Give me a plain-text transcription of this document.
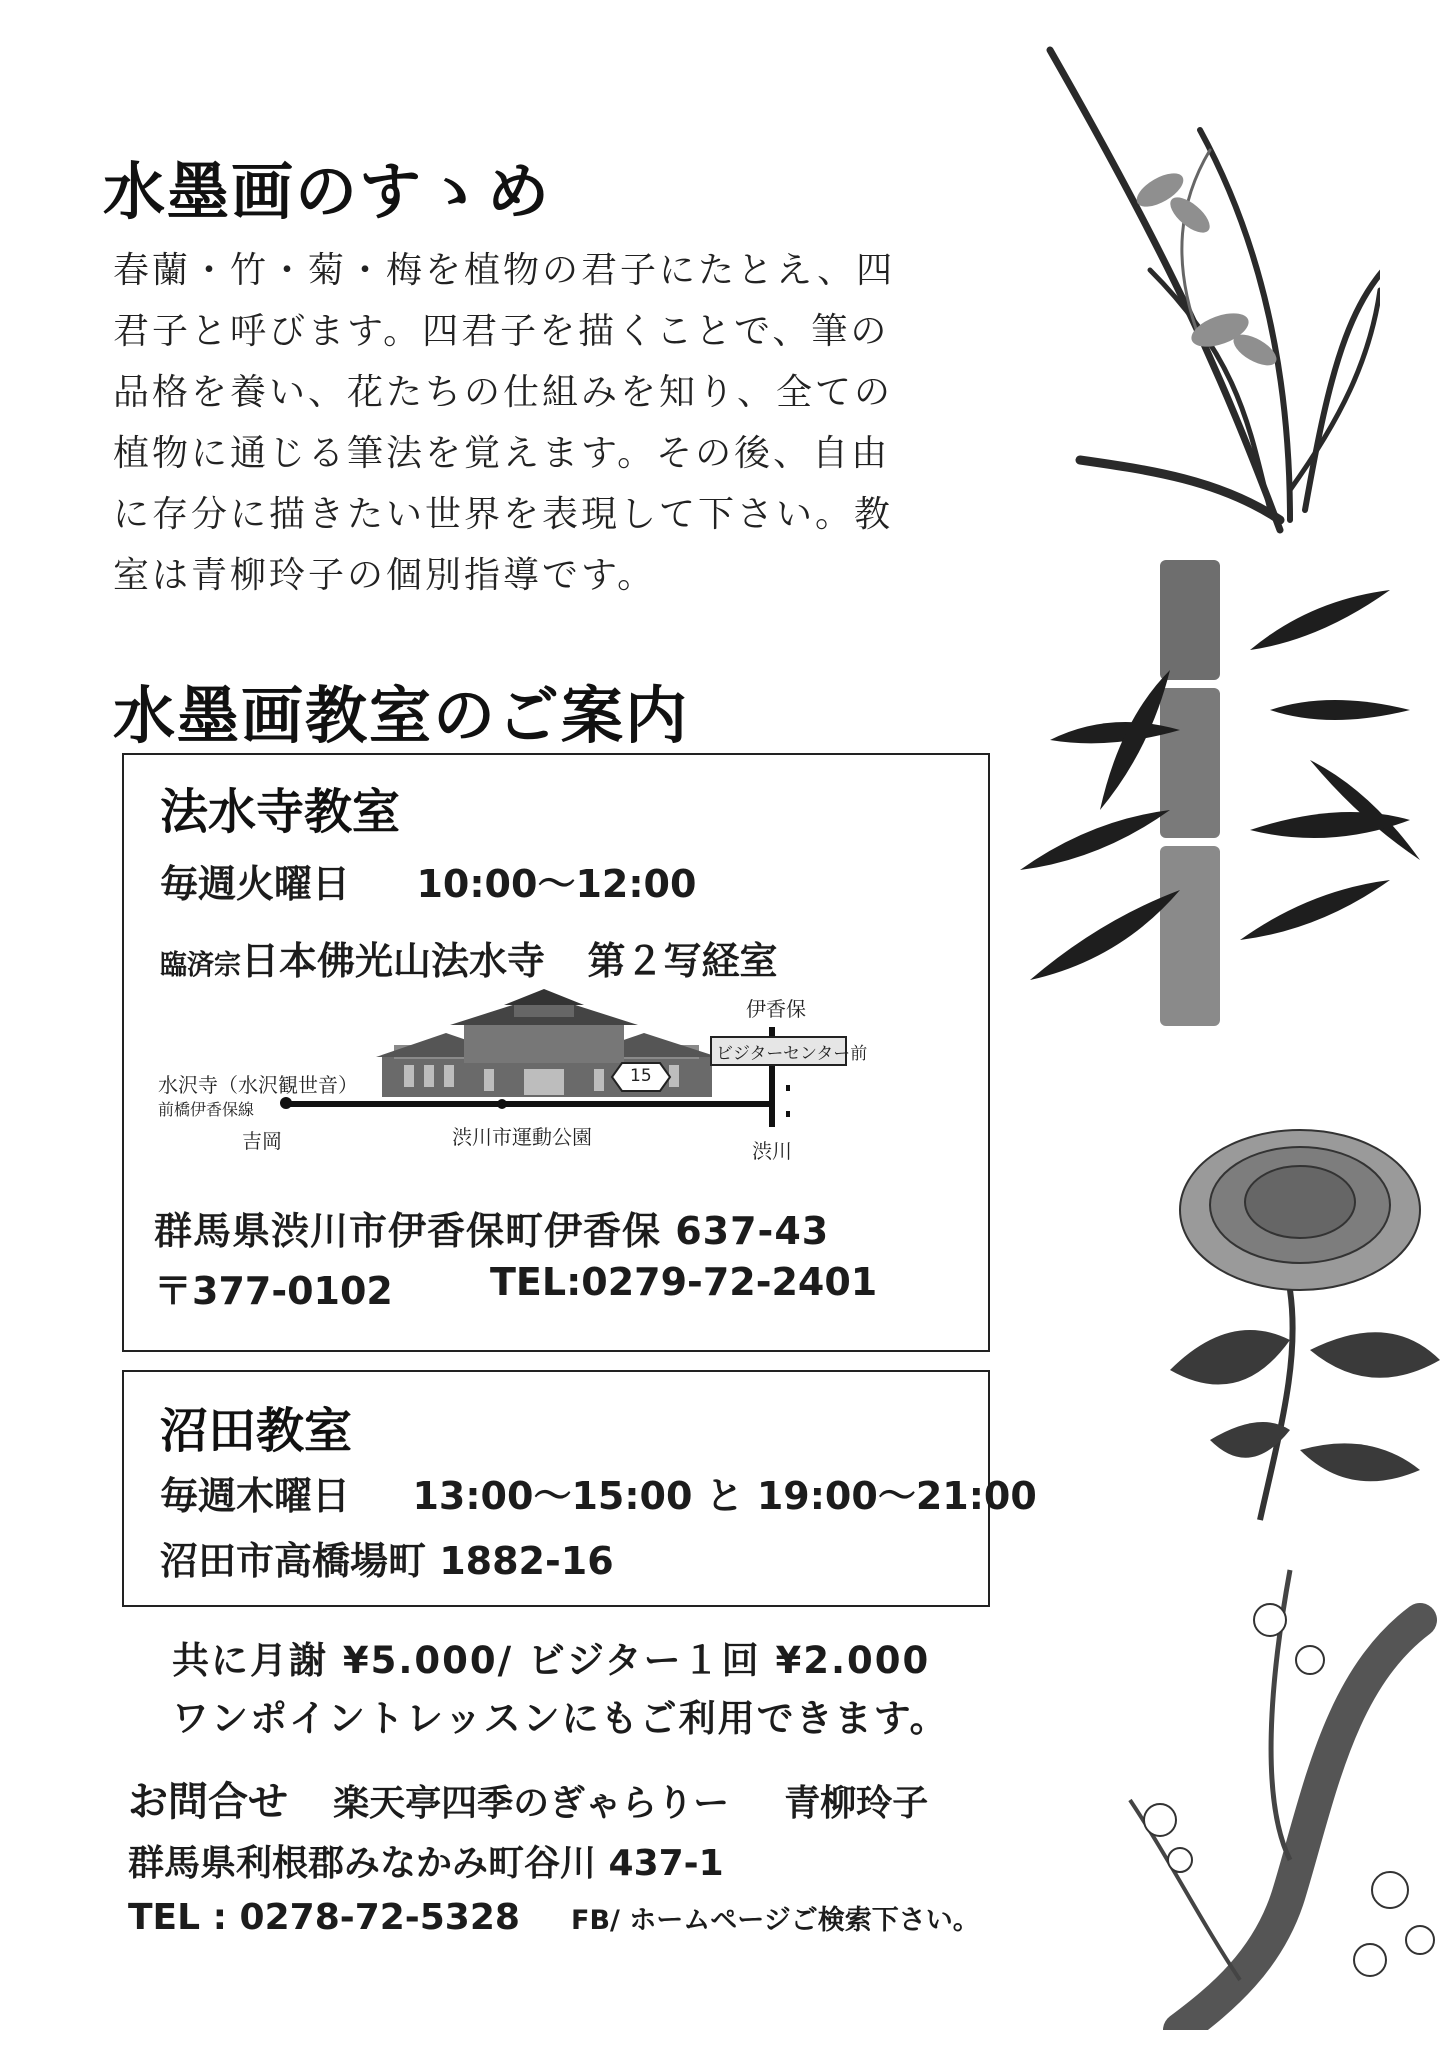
水墨画のすゝめ
春蘭・竹・菊・梅を植物の君子にたとえ、四
君子と呼びます。四君子を描くことで、筆の
品格を養い、花たちの仕組みを知り、全ての
植物に通じる筆法を覚えます。その後、自由
に存分に描きたい世界を表現して下さい。教
室は青柳玲子の個別指導です。
水墨画教室のご案内
法水寺教室
毎週火曜日 10:00〜12:00
臨済宗日本佛光山法水寺 第２写経室
伊香保
ビジターセンター前
水沢寺（水沢観世音）
前橋伊香保線
吉岡
15
渋川市運動公園
渋川
群馬県渋川市伊香保町伊香保 637-43
〒377-0102	TEL:0279-72-2401
沼田教室
毎週木曜日 13:00〜15:00 と 19:00〜21:00
沼田市高橋場町 1882-16
共に月謝 ¥5.000/ ビジター１回 ¥2.000
ワンポイントレッスンにもご利用できます。
お問合せ 楽天亭四季のぎゃらりー 青柳玲子
群馬県利根郡みなかみ町谷川 437-1
TEL : 0278-72-5328 FB/ ホームページご検索下さい。
